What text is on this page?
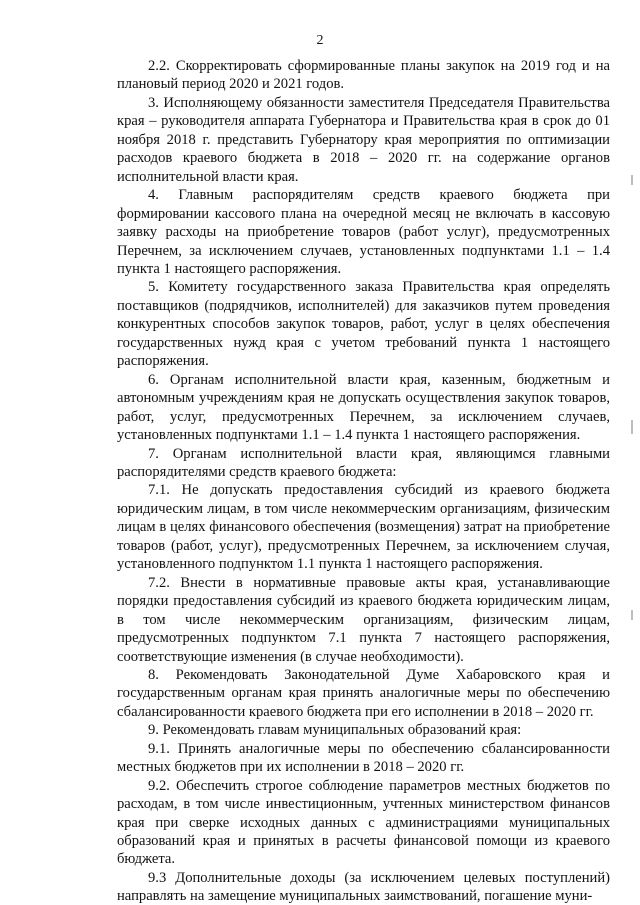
2

2.2. Скорректировать сформированные планы закупок на 2019 год и на плановый период 2020 и 2021 годов.

3. Исполняющему обязанности заместителя Председателя Правительства края – руководителя аппарата Губернатора и Правительства края в срок до 01 ноября 2018 г. представить Губернатору края мероприятия по оптимизации расходов краевого бюджета в 2018 – 2020 гг. на содержание органов исполнительной власти края.

4. Главным распорядителям средств краевого бюджета при формировании кассового плана на очередной месяц не включать в кассовую заявку расходы на приобретение товаров (работ услуг), предусмотренных Перечнем, за исключением случаев, установленных подпунктами 1.1 – 1.4 пункта 1 настоящего распоряжения.

5. Комитету государственного заказа Правительства края определять поставщиков (подрядчиков, исполнителей) для заказчиков путем проведения конкурентных способов закупок товаров, работ, услуг в целях обеспечения государственных нужд края с учетом требований пункта 1 настоящего распоряжения.

6. Органам исполнительной власти края, казенным, бюджетным и автономным учреждениям края не допускать осуществления закупок товаров, работ, услуг, предусмотренных Перечнем, за исключением случаев, установленных подпунктами 1.1 – 1.4 пункта 1 настоящего распоряжения.

7. Органам исполнительной власти края, являющимся главными распорядителями средств краевого бюджета:

7.1. Не допускать предоставления субсидий из краевого бюджета юридическим лицам, в том числе некоммерческим организациям, физическим лицам в целях финансового обеспечения (возмещения) затрат на приобретение товаров (работ, услуг), предусмотренных Перечнем, за исключением случая, установленного подпунктом 1.1 пункта 1 настоящего распоряжения.

7.2. Внести в нормативные правовые акты края, устанавливающие порядки предоставления субсидий из краевого бюджета юридическим лицам, в том числе некоммерческим организациям, физическим лицам, предусмотренных подпунктом 7.1 пункта 7 настоящего распоряжения, соответствующие изменения (в случае необходимости).

8. Рекомендовать Законодательной Думе Хабаровского края и государственным органам края принять аналогичные меры по обеспечению сбалансированности краевого бюджета при его исполнении в 2018 – 2020 гг.

9. Рекомендовать главам муниципальных образований края:

9.1. Принять аналогичные меры по обеспечению сбалансированности местных бюджетов при их исполнении в 2018 – 2020 гг.

9.2. Обеспечить строгое соблюдение параметров местных бюджетов по расходам, в том числе инвестиционным, учтенных министерством финансов края при сверке исходных данных с администрациями муниципальных образований края и принятых в расчеты финансовой помощи из краевого бюджета.

9.3 Дополнительные доходы (за исключением целевых поступлений) направлять на замещение муниципальных заимствований, погашение муни-
